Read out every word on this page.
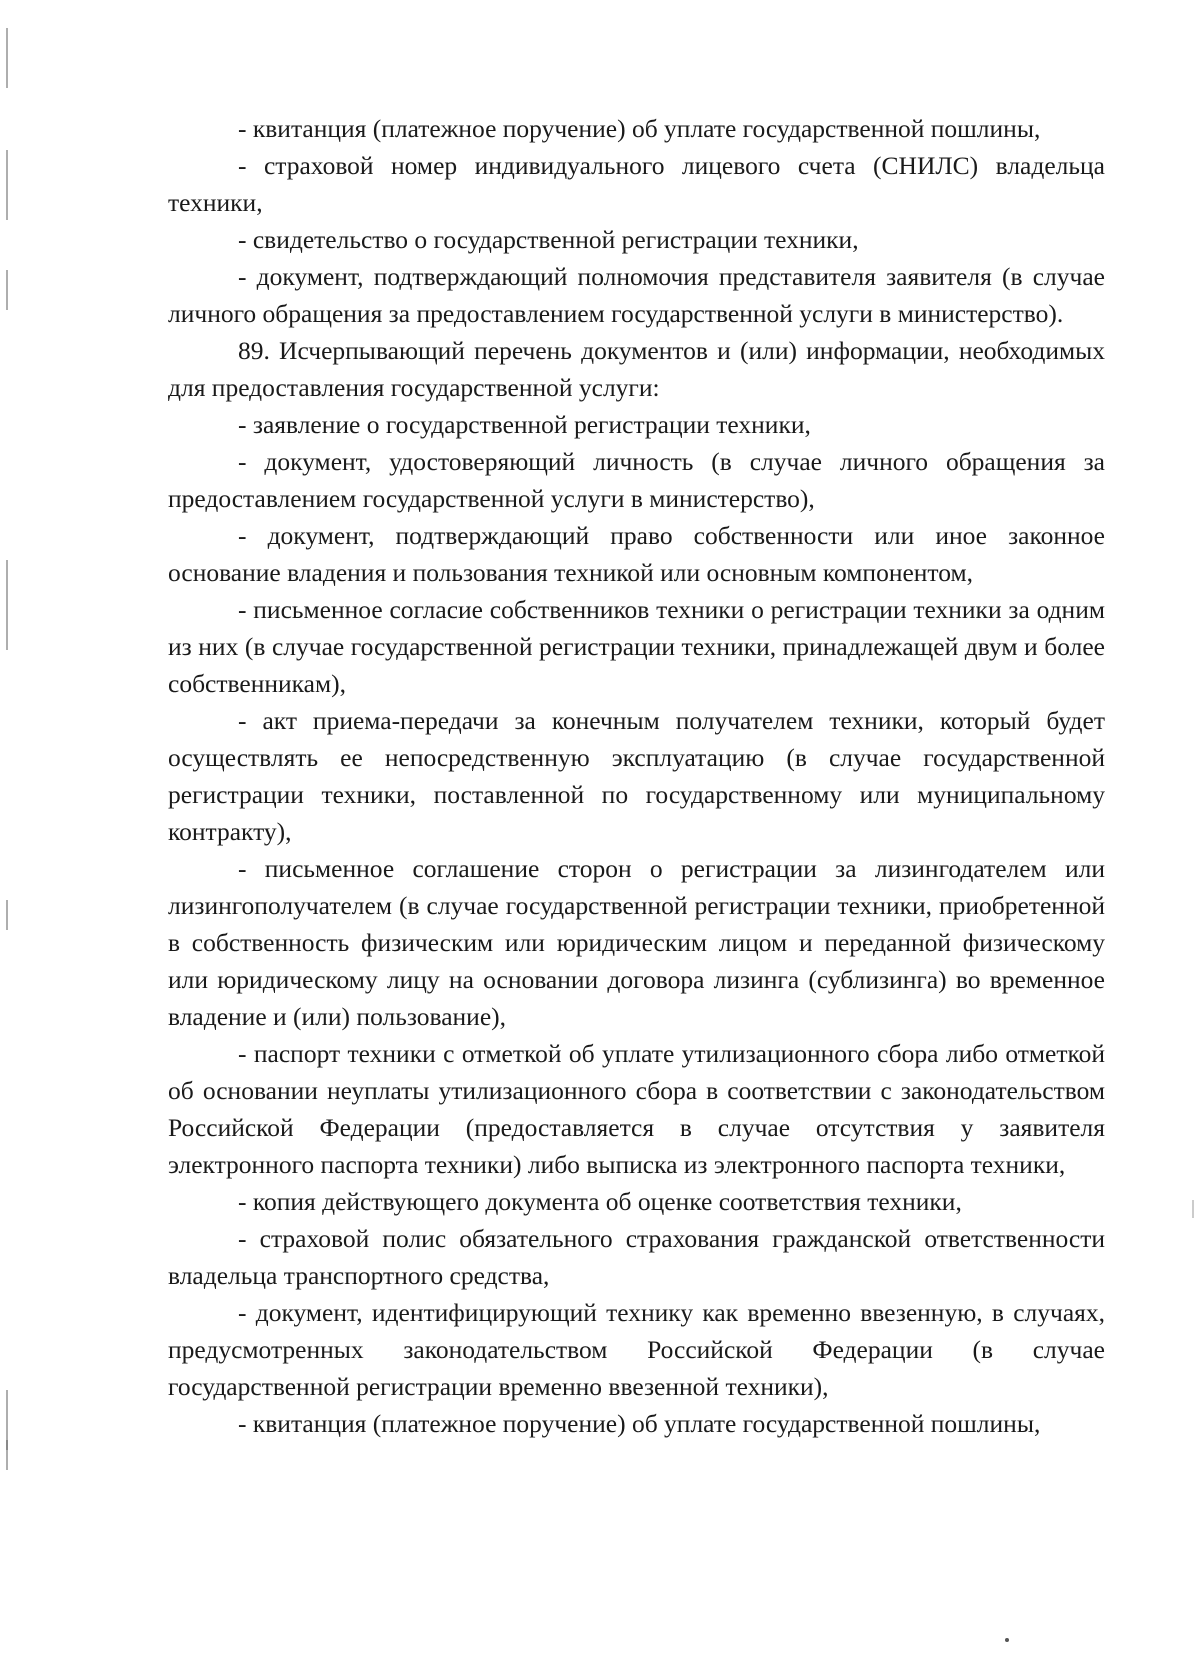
- квитанция (платежное поручение) об уплате государственной пошлины,

- страховой номер индивидуального лицевого счета (СНИЛС) владельца техники,

- свидетельство о государственной регистрации техники,

- документ, подтверждающий полномочия представителя заявителя (в случае личного обращения за предоставлением государственной услуги в министерство).

89. Исчерпывающий перечень документов и (или) информации, необходимых для предоставления государственной услуги:

- заявление о государственной регистрации техники,

- документ, удостоверяющий личность (в случае личного обращения за предоставлением государственной услуги в министерство),

- документ, подтверждающий право собственности или иное законное основание владения и пользования техникой или основным компонентом,

- письменное согласие собственников техники о регистрации техники за одним из них (в случае государственной регистрации техники, принадлежащей двум и более собственникам),

- акт приема-передачи за конечным получателем техники, который будет осуществлять ее непосредственную эксплуатацию (в случае государственной регистрации техники, поставленной по государственному или муниципальному контракту),

- письменное соглашение сторон о регистрации за лизингодателем или лизингополучателем (в случае государственной регистрации техники, приобретенной в собственность физическим или юридическим лицом и переданной физическому или юридическому лицу на основании договора лизинга (сублизинга) во временное владение и (или) пользование),

- паспорт техники с отметкой об уплате утилизационного сбора либо отметкой об основании неуплаты утилизационного сбора в соответствии с законодательством Российской Федерации (предоставляется в случае отсутствия у заявителя электронного паспорта техники) либо выписка из электронного паспорта техники,

- копия действующего документа об оценке соответствия техники,

- страховой полис обязательного страхования гражданской ответственности владельца транспортного средства,

- документ, идентифицирующий технику как временно ввезенную, в случаях, предусмотренных законодательством Российской Федерации (в случае государственной регистрации временно ввезенной техники),

- квитанция (платежное поручение) об уплате государственной пошлины,
